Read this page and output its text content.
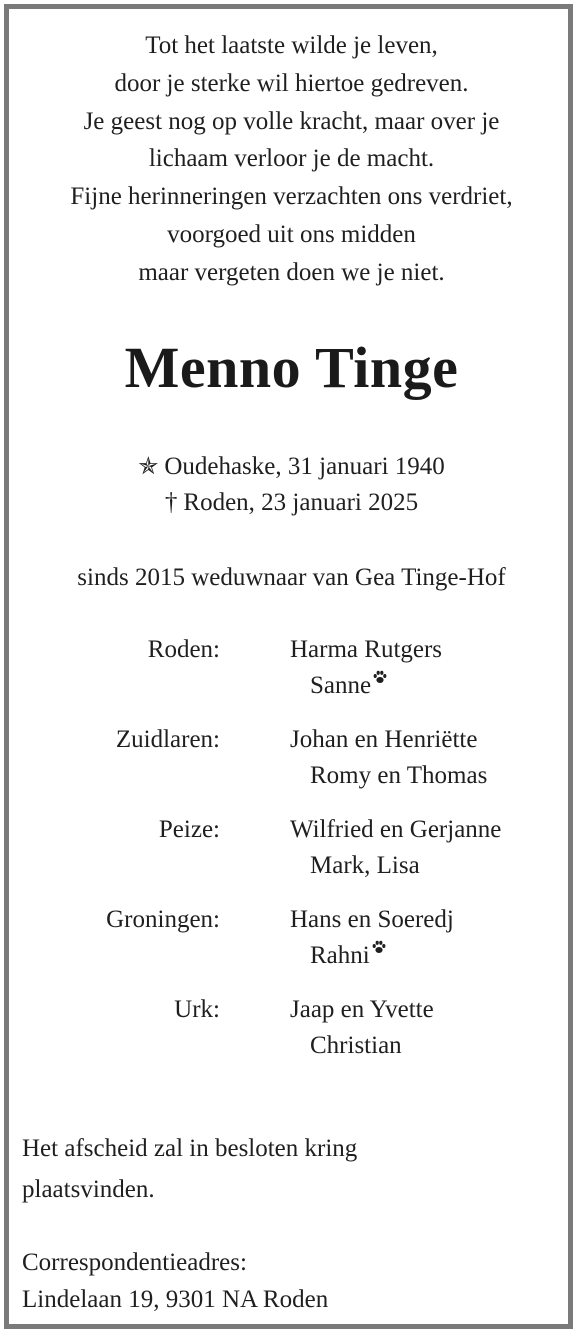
Tot het laatste wilde je leven,
door je sterke wil hiertoe gedreven.
Je geest nog op volle kracht, maar over je
lichaam verloor je de macht.
Fijne herinneringen verzachten ons verdriet,
voorgoed uit ons midden
maar vergeten doen we je niet.
Menno Tinge
✯ Oudehaske, 31 januari 1940
† Roden, 23 januari 2025
sinds 2015 weduwnaar van Gea Tinge-Hof
Roden:	Harma Rutgers
Sanne
Zuidlaren:	Johan en Henriëtte
Romy en Thomas
Peize:	Wilfried en Gerjanne
Mark, Lisa
Groningen:	Hans en Soeredj
Rahni
Urk:	Jaap en Yvette
Christian
Het afscheid zal in besloten kring
plaatsvinden.
Correspondentieadres:
Lindelaan 19, 9301 NA Roden
